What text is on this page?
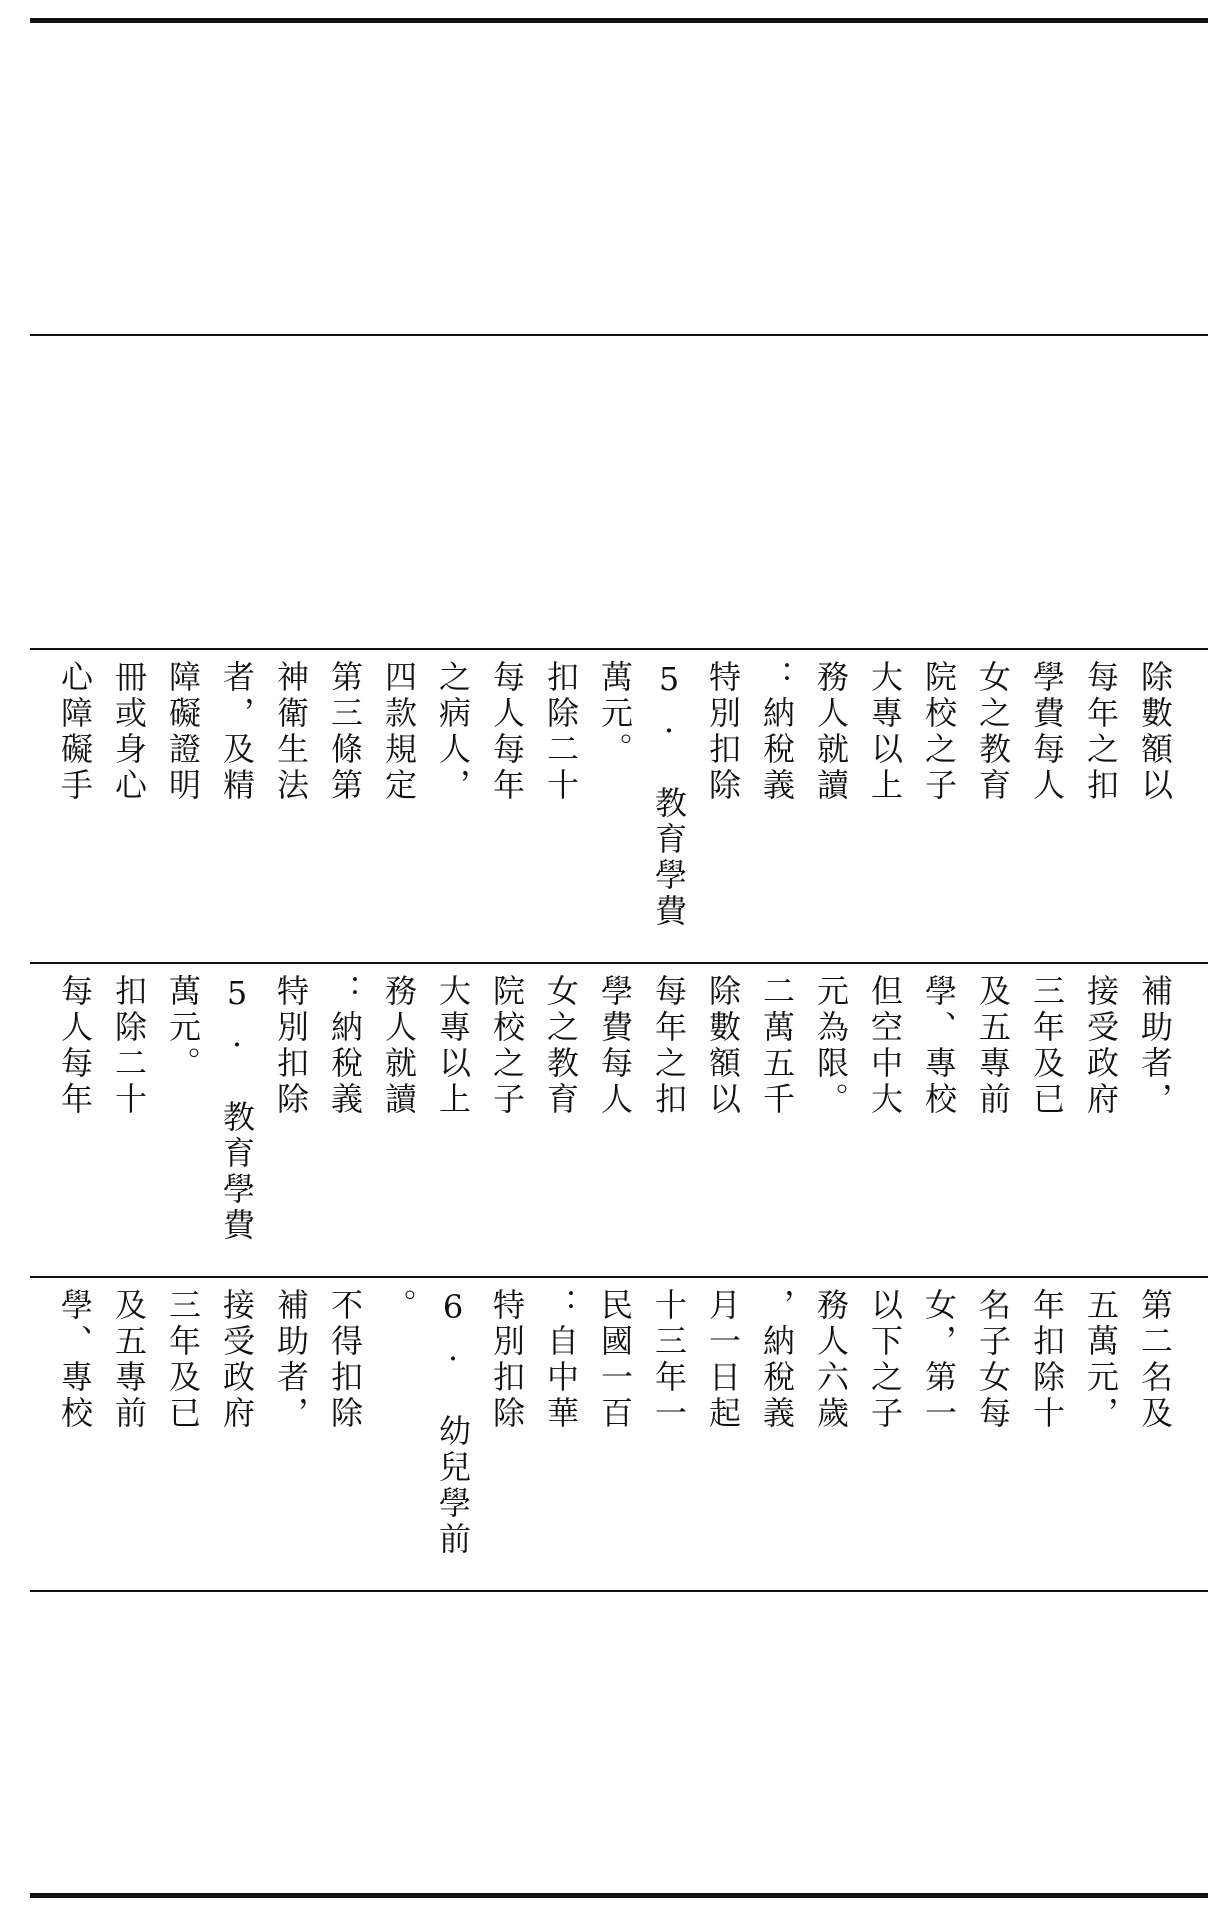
心障礙手 冊或身心 障礙證明 者，及精 神衛生法 第三條第 四款規定 之病人， 每人每年 扣除二十 萬元。 5. 教育學費 特別扣除 ：納稅義 務人就讀 大專以上 院校之子 女之教育 學費每人 每年之扣 除數額以
每人每年 扣除二十 萬元。 5. 教育學費 特別扣除 ：納稅義 務人就讀 大專以上 院校之子 女之教育 學費每人 每年之扣 除數額以 二萬五千 元為限。 但空中大 學、專校 及五專前 三年及已 接受政府 補助者，
學、專校 及五專前 三年及已 接受政府 補助者， 不得扣除 。 6. 幼兒學前 特別扣除 ：自中華 民國一百 十三年一 月一日起 ，納稅義 務人六歲 以下之子 女，第一 名子女每 年扣除十 五萬元， 第二名及
